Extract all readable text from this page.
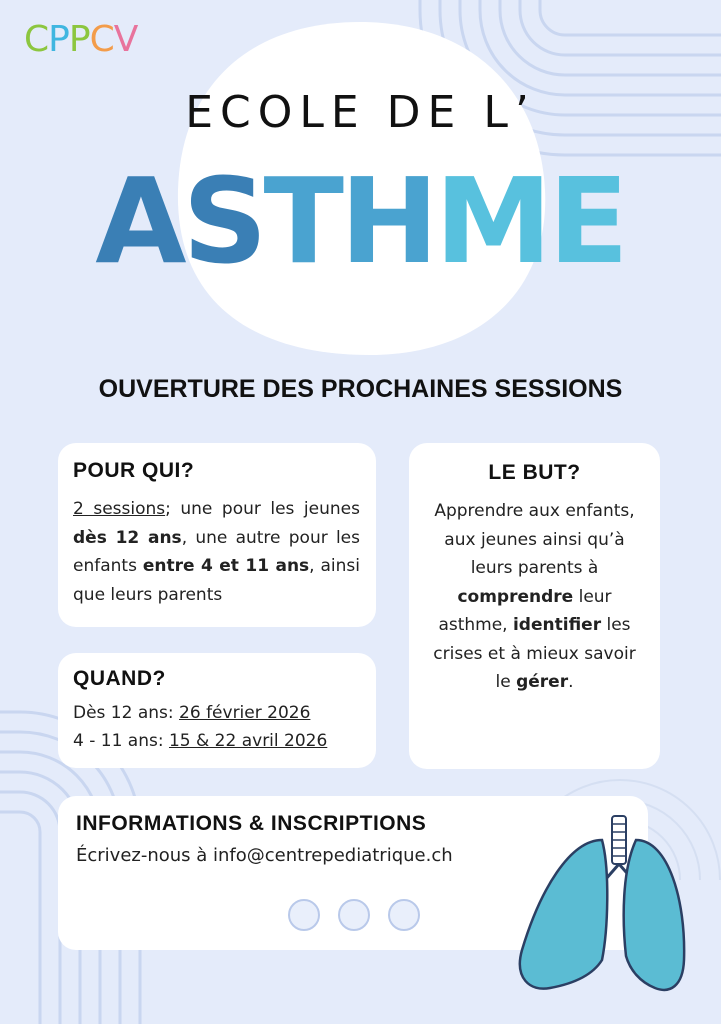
CPPCV
ECOLE DE L’
ASTHME
OUVERTURE DES PROCHAINES SESSIONS
POUR QUI?

2 sessions; une pour les jeunes dès 12 ans, une autre pour les enfants entre 4 et 11 ans, ainsi que leurs parents

QUAND?
Dès 12 ans: 26 février 2026
4 - 11 ans: 15 & 22 avril 2026
LE BUT?

Apprendre aux enfants, aux jeunes ainsi qu’à leurs parents à comprendre leur asthme, identifier les crises et à mieux savoir le gérer.

INFORMATIONS & INSCRIPTIONS
Écrivez-nous à info@centrepediatrique.ch
